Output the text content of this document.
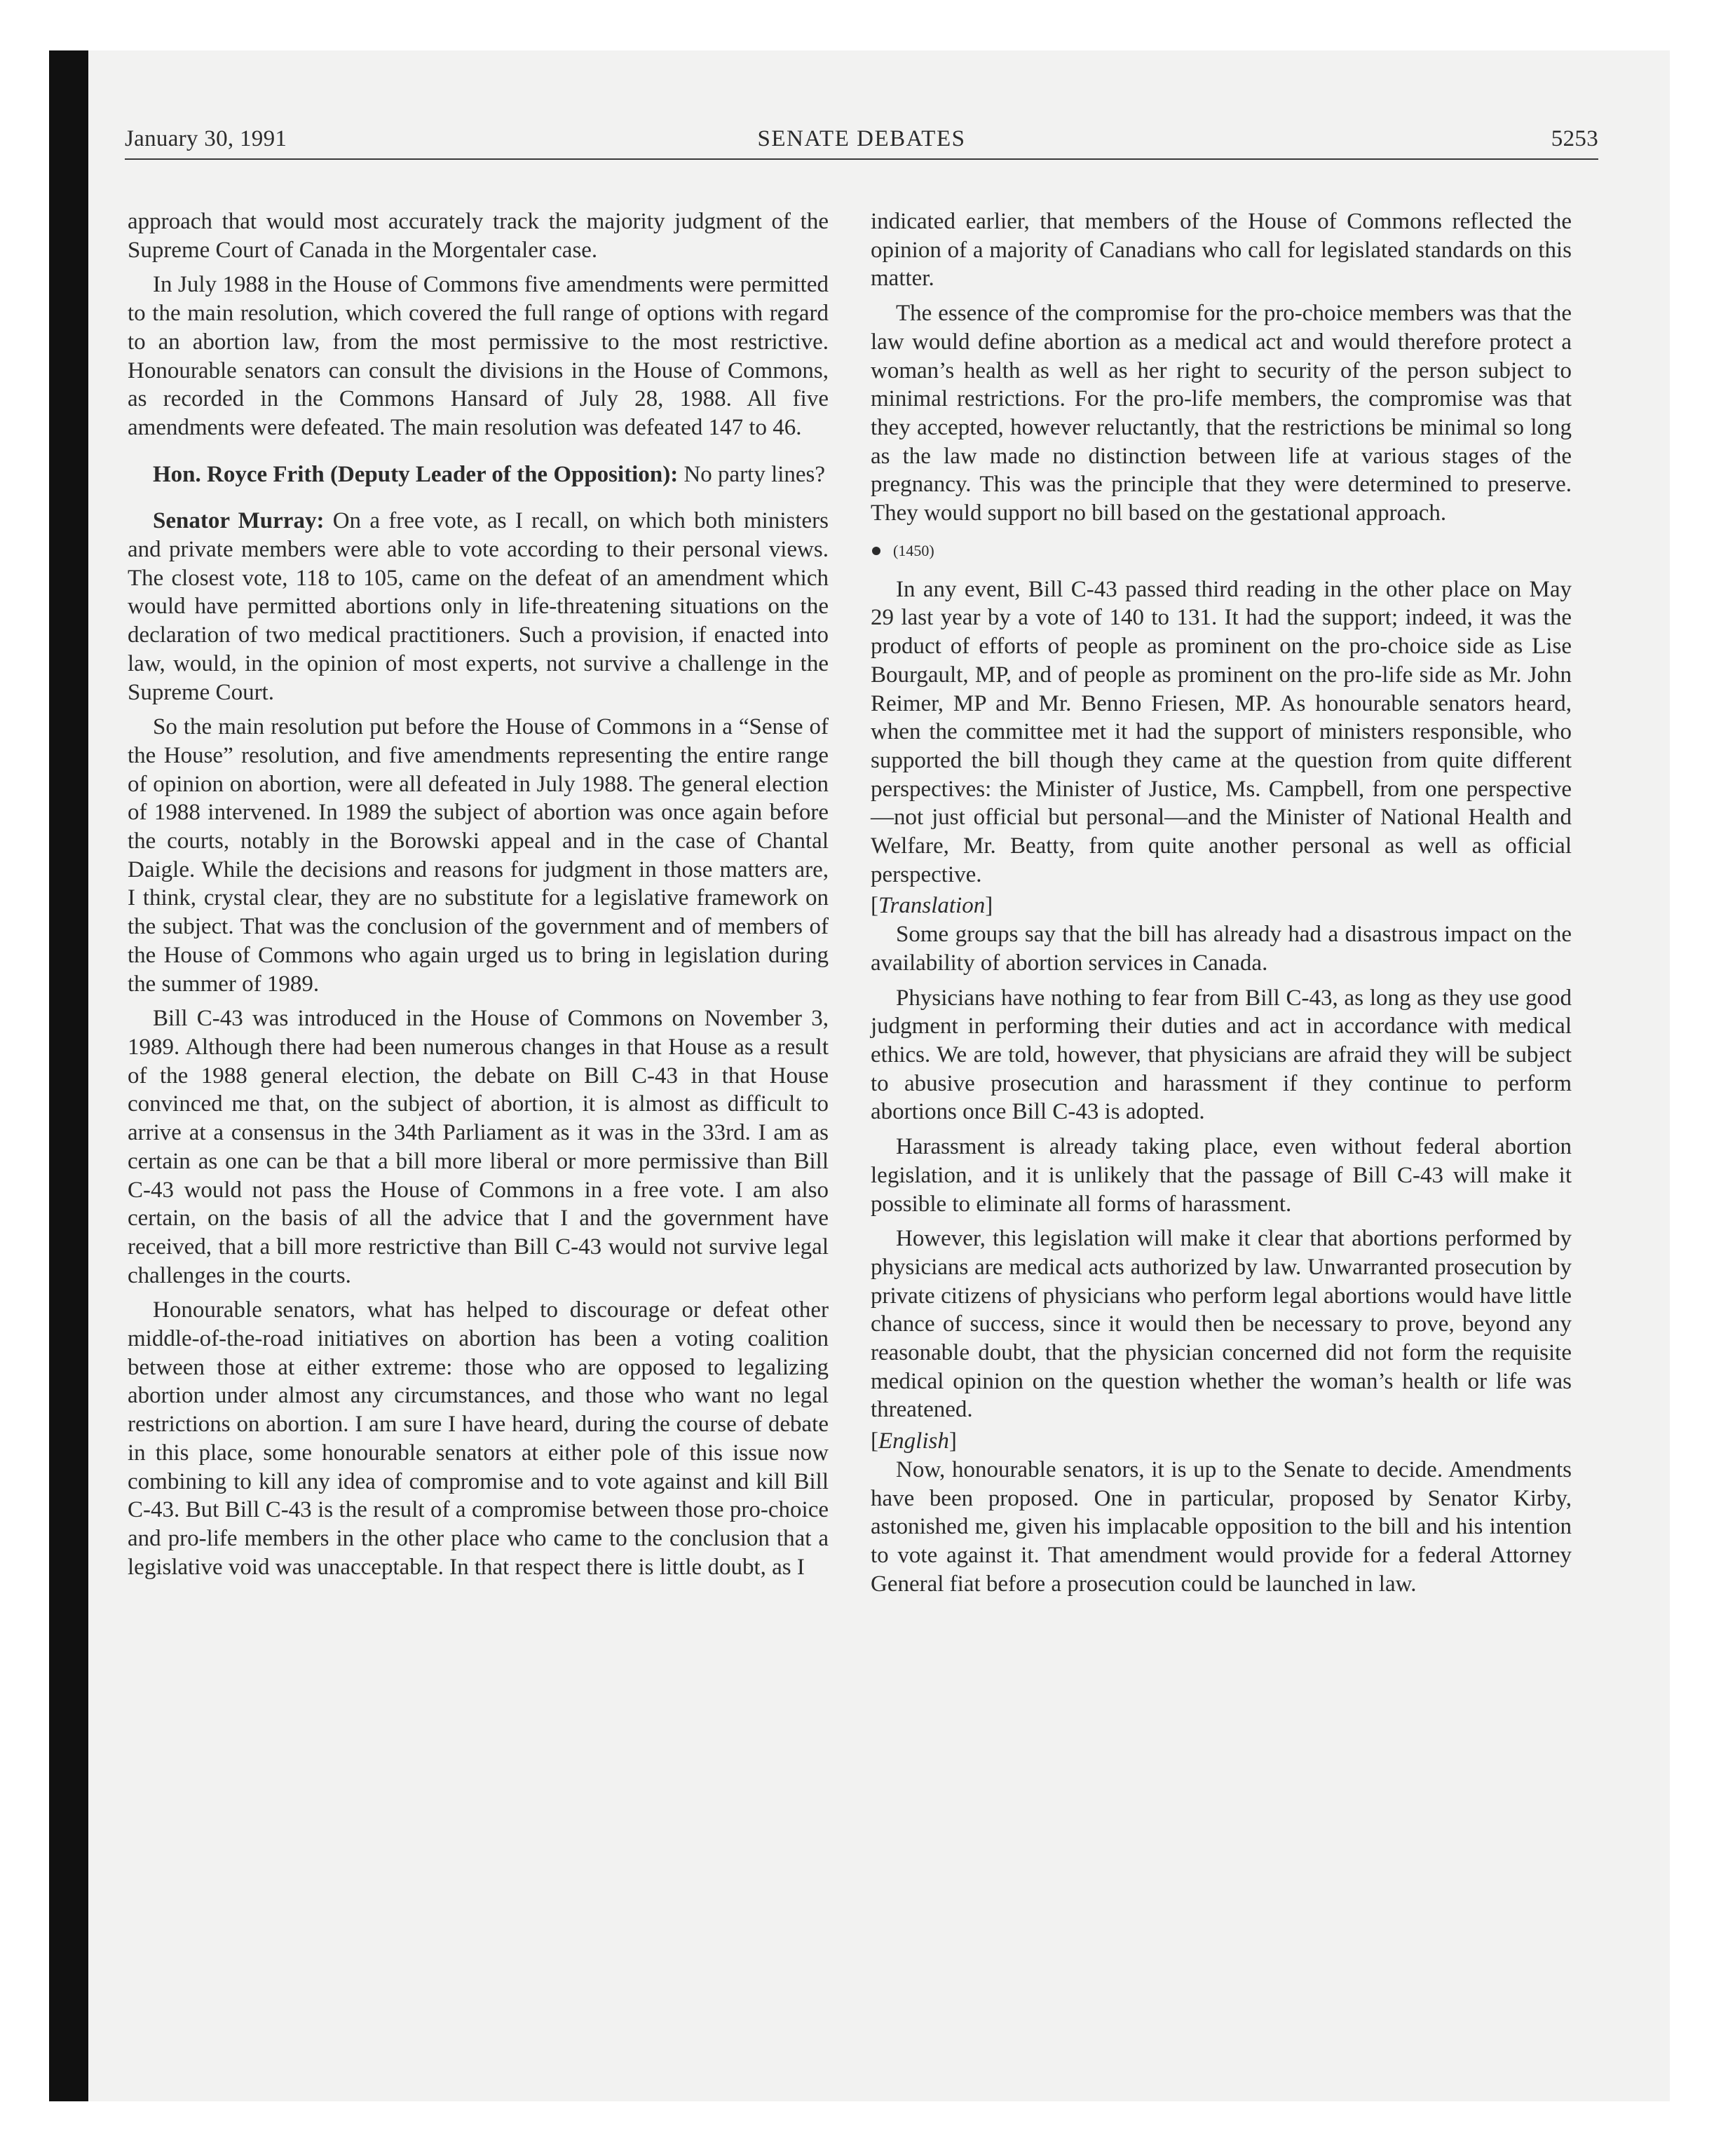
January 30, 1991	SENATE DEBATES	5253

approach that would most accurately track the majority judgment of the Supreme Court of Canada in the Morgentaler case.

In July 1988 in the House of Commons five amendments were permitted to the main resolution, which covered the full range of options with regard to an abortion law, from the most permissive to the most restrictive. Honourable senators can consult the divisions in the House of Commons, as recorded in the Commons Hansard of July 28, 1988. All five amendments were defeated. The main resolution was defeated 147 to 46.

Hon. Royce Frith (Deputy Leader of the Opposition): No party lines?

Senator Murray: On a free vote, as I recall, on which both ministers and private members were able to vote according to their personal views. The closest vote, 118 to 105, came on the defeat of an amendment which would have permitted abortions only in life-threatening situations on the declaration of two medical practitioners. Such a provision, if enacted into law, would, in the opinion of most experts, not survive a challenge in the Supreme Court.

So the main resolution put before the House of Commons in a “Sense of the House” resolution, and five amendments representing the entire range of opinion on abortion, were all defeated in July 1988. The general election of 1988 intervened. In 1989 the subject of abortion was once again before the courts, notably in the Borowski appeal and in the case of Chantal Daigle. While the decisions and reasons for judgment in those matters are, I think, crystal clear, they are no substitute for a legislative framework on the subject. That was the conclusion of the government and of members of the House of Commons who again urged us to bring in legislation during the summer of 1989.

Bill C-43 was introduced in the House of Commons on November 3, 1989. Although there had been numerous changes in that House as a result of the 1988 general election, the debate on Bill C-43 in that House convinced me that, on the subject of abortion, it is almost as difficult to arrive at a consensus in the 34th Parliament as it was in the 33rd. I am as certain as one can be that a bill more liberal or more permissive than Bill C-43 would not pass the House of Commons in a free vote. I am also certain, on the basis of all the advice that I and the government have received, that a bill more restrictive than Bill C-43 would not survive legal challenges in the courts.

Honourable senators, what has helped to discourage or defeat other middle-of-the-road initiatives on abortion has been a voting coalition between those at either extreme: those who are opposed to legalizing abortion under almost any circumstances, and those who want no legal restrictions on abortion. I am sure I have heard, during the course of debate in this place, some honourable senators at either pole of this issue now combining to kill any idea of compromise and to vote against and kill Bill C-43. But Bill C-43 is the result of a compromise between those pro-choice and pro-life members in the other place who came to the conclusion that a legislative void was unacceptable. In that respect there is little doubt, as I

indicated earlier, that members of the House of Commons reflected the opinion of a majority of Canadians who call for legislated standards on this matter.

The essence of the compromise for the pro-choice members was that the law would define abortion as a medical act and would therefore protect a woman’s health as well as her right to security of the person subject to minimal restrictions. For the pro-life members, the compromise was that they accepted, however reluctantly, that the restrictions be minimal so long as the law made no distinction between life at various stages of the pregnancy. This was the principle that they were determined to preserve. They would support no bill based on the gestational approach.

(1450)

In any event, Bill C-43 passed third reading in the other place on May 29 last year by a vote of 140 to 131. It had the support; indeed, it was the product of efforts of people as prominent on the pro-choice side as Lise Bourgault, MP, and of people as prominent on the pro-life side as Mr. John Reimer, MP and Mr. Benno Friesen, MP. As honourable senators heard, when the committee met it had the support of ministers responsible, who supported the bill though they came at the question from quite different perspectives: the Minister of Justice, Ms. Campbell, from one perspective—not just official but personal—and the Minister of National Health and Welfare, Mr. Beatty, from quite another personal as well as official perspective.

[Translation]

Some groups say that the bill has already had a disastrous impact on the availability of abortion services in Canada.

Physicians have nothing to fear from Bill C-43, as long as they use good judgment in performing their duties and act in accordance with medical ethics. We are told, however, that physicians are afraid they will be subject to abusive prosecution and harassment if they continue to perform abortions once Bill C-43 is adopted.

Harassment is already taking place, even without federal abortion legislation, and it is unlikely that the passage of Bill C-43 will make it possible to eliminate all forms of harassment.

However, this legislation will make it clear that abortions performed by physicians are medical acts authorized by law. Unwarranted prosecution by private citizens of physicians who perform legal abortions would have little chance of success, since it would then be necessary to prove, beyond any reasonable doubt, that the physician concerned did not form the requisite medical opinion on the question whether the woman’s health or life was threatened.

[English]

Now, honourable senators, it is up to the Senate to decide. Amendments have been proposed. One in particular, proposed by Senator Kirby, astonished me, given his implacable opposition to the bill and his intention to vote against it. That amendment would provide for a federal Attorney General fiat before a prosecution could be launched in law.
